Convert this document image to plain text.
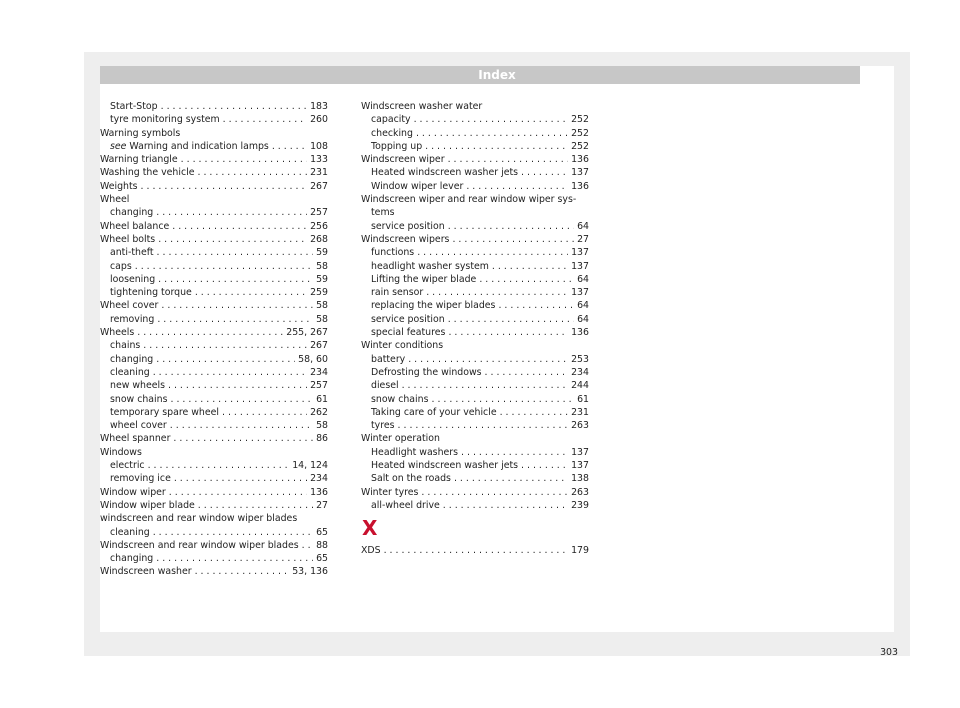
Index
Start-Stop . . .	183
tyre monitoring system . . .	260
Warning symbols
see Warning and indication lamps . . .	108
Warning triangle . . .	133
Washing the vehicle . . .	231
Weights . . .	267
Wheel
changing . . .	257
Wheel balance . . .	256
Wheel bolts . . .	268
anti-theft . . .	59
caps . . .	58
loosening . . .	59
tightening torque . . .	259
Wheel cover . . .	58
removing . . .	58
Wheels . . .	255, 267
chains . . .	267
changing . . .	58, 60
cleaning . . .	234
new wheels . . .	257
snow chains . . .	61
temporary spare wheel . . .	262
wheel cover . . .	58
Wheel spanner . . .	86
Windows
electric . . .	14, 124
removing ice . . .	234
Window wiper . . .	136
Window wiper blade . . .	27
windscreen and rear window wiper blades
cleaning . . .	65
Windscreen and rear window wiper blades . . . 88
changing . . .	65
Windscreen washer . . .	53, 136
Windscreen washer water
capacity . . .	252
checking . . .	252
Topping up . . .	252
Windscreen wiper . . .	136
Heated windscreen washer jets . . .	137
Window wiper lever . . .	136
Windscreen wiper and rear window wiper sys-
tems
service position . . .	64
Windscreen wipers . . .	27
functions . . .	137
headlight washer system . . .	137
Lifting the wiper blade . . .	64
rain sensor . . .	137
replacing the wiper blades . . .	64
service position . . .	64
special features . . .	136
Winter conditions
battery . . .	253
Defrosting the windows . . .	234
diesel . . .	244
snow chains . . .	61
Taking care of your vehicle . . .	231
tyres . . .	263
Winter operation
Headlight washers . . .	137
Heated windscreen washer jets . . .	137
Salt on the roads . . .	138
Winter tyres . . .	263
all-wheel drive . . .	239
X
XDS . . .	179
303
